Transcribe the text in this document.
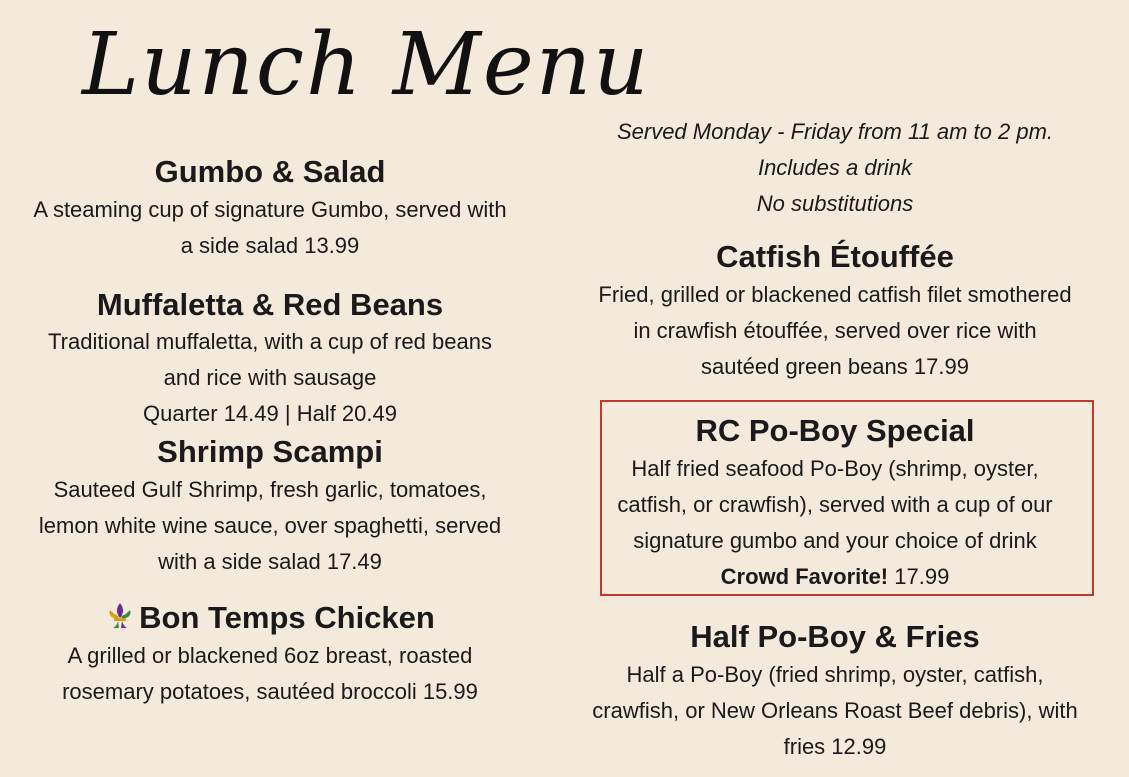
Lunch Menu
Served Monday - Friday from 11 am to 2 pm.
Includes a drink
No substitutions
Gumbo & Salad
A steaming cup of signature Gumbo, served with
a side salad 13.99
Muffaletta & Red Beans
Traditional muffaletta, with a cup of red beans
and rice with sausage
Quarter 14.49 | Half 20.49
Shrimp Scampi
Sauteed Gulf Shrimp, fresh garlic, tomatoes,
lemon white wine sauce, over spaghetti, served
with a side salad 17.49
Bon Temps Chicken
A grilled or blackened 6oz breast, roasted
rosemary potatoes, sautéed broccoli 15.99
Catfish Étouffée
Fried, grilled or blackened catfish filet smothered
in crawfish étouffée, served over rice with
sautéed green beans 17.99
RC Po-Boy Special
Half fried seafood Po-Boy (shrimp, oyster,
catfish, or crawfish), served with a cup of our
signature gumbo and your choice of drink
Crowd Favorite! 17.99
Half Po-Boy & Fries
Half a Po-Boy (fried shrimp, oyster, catfish,
crawfish, or New Orleans Roast Beef debris), with
fries 12.99
